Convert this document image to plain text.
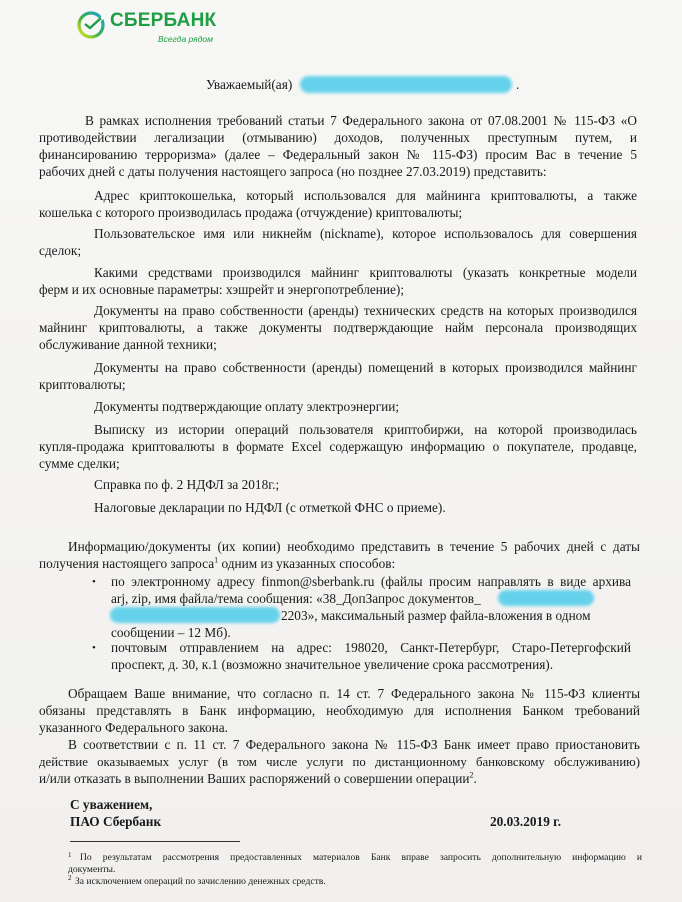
СБЕРБАНК
Всегда рядом
Уважаемый(ая)	.
В рамках исполнения требований статьи 7 Федерального закона от 07.08.2001 № 115-ФЗ «О
противодействии легализации (отмыванию) доходов, полученных преступным путем, и
финансированию терроризма» (далее – Федеральный закон № 115-ФЗ) просим Вас в течение 5
рабочих дней с даты получения настоящего запроса (но позднее 27.03.2019) представить:
Адрес криптокошелька, который использовался для майнинга криптовалюты, а также
кошелька с которого производилась продажа (отчуждение) криптовалюты;
Пользовательское имя или никнейм (nickname), которое использовалось для совершения
сделок;
Какими средствами производился майнинг криптовалюты (указать конкретные модели
ферм и их основные параметры: хэшрейт и энергопотребление);
Документы на право собственности (аренды) технических средств на которых производился
майнинг криптовалюты, а также документы подтверждающие найм персонала производящих
обслуживание данной техники;
Документы на право собственности (аренды) помещений в которых производился майнинг
криптовалюты;
Документы подтверждающие оплату электроэнергии;
Выписку из истории операций пользователя криптобиржи, на которой производилась
купля-продажа криптовалюты в формате Excel содержащую информацию о покупателе, продавце,
сумме сделки;
Справка по ф. 2 НДФЛ за 2018г.;
Налоговые декларации по НДФЛ (с отметкой ФНС о приеме).
Информацию/документы (их копии) необходимо представить в течение 5 рабочих дней с даты
получения настоящего запроса$^1$ одним из указанных способов:
• по электронному адресу finmon@sberbank.ru (файлы просим направлять в виде архива
arj, zip, имя файла/тема сообщения: «38_ДопЗапрос документов_
2203», максимальный размер файла-вложения в одном
сообщении – 12 Мб).
• почтовым отправлением на адрес: 198020, Санкт-Петербург, Старо-Петергофский
проспект, д. 30, к.1 (возможно значительное увеличение срока рассмотрения).
Обращаем Ваше внимание, что согласно п. 14 ст. 7 Федерального закона № 115-ФЗ клиенты
обязаны представлять в Банк информацию, необходимую для исполнения Банком требований
указанного Федерального закона.
В соответствии с п. 11 ст. 7 Федерального закона № 115-ФЗ Банк имеет право приостановить
действие оказываемых услуг (в том числе услуги по дистанционному банковскому обслуживанию)
и/или отказать в выполнении Ваших распоряжений о совершении операции$^2$.
С уважением,
ПАО Сбербанк	20.03.2019 г.
1 По результатам рассмотрения предоставленных материалов Банк вправе запросить дополнительную информацию и
документы.
2 За исключением операций по зачислению денежных средств.
